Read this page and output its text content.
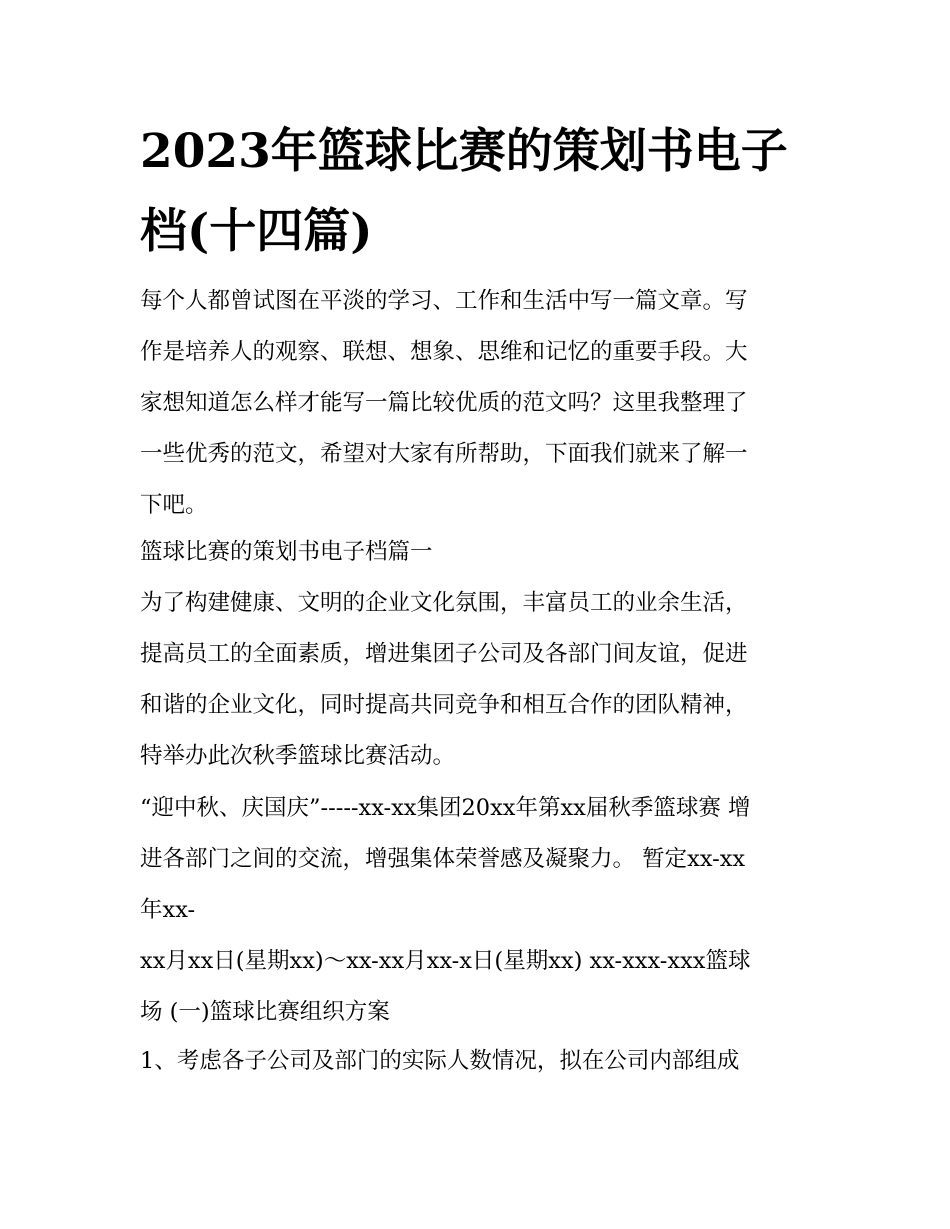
2023年篮球比赛的策划书电子
档(十四篇)
每个人都曾试图在平淡的学习、工作和生活中写一篇文章。写
作是培养人的观察、联想、想象、思维和记忆的重要手段。大
家想知道怎么样才能写一篇比较优质的范文吗？这里我整理了
一些优秀的范文，希望对大家有所帮助，下面我们就来了解一
下吧。
篮球比赛的策划书电子档篇一
为了构建健康、文明的企业文化氛围，丰富员工的业余生活，
提高员工的全面素质，增进集团子公司及各部门间友谊，促进
和谐的企业文化，同时提高共同竞争和相互合作的团队精神，
特举办此次秋季篮球比赛活动。
“迎中秋、庆国庆”-----xx-xx集团20xx年第xx届秋季篮球赛 增
进各部门之间的交流，增强集体荣誉感及凝聚力。 暂定xx-xx
年xx-
xx月xx日(星期xx)～xx-xx月xx-x日(星期xx) xx-xxx-xxx篮球
场 (一)篮球比赛组织方案
1、考虑各子公司及部门的实际人数情况，拟在公司内部组成
